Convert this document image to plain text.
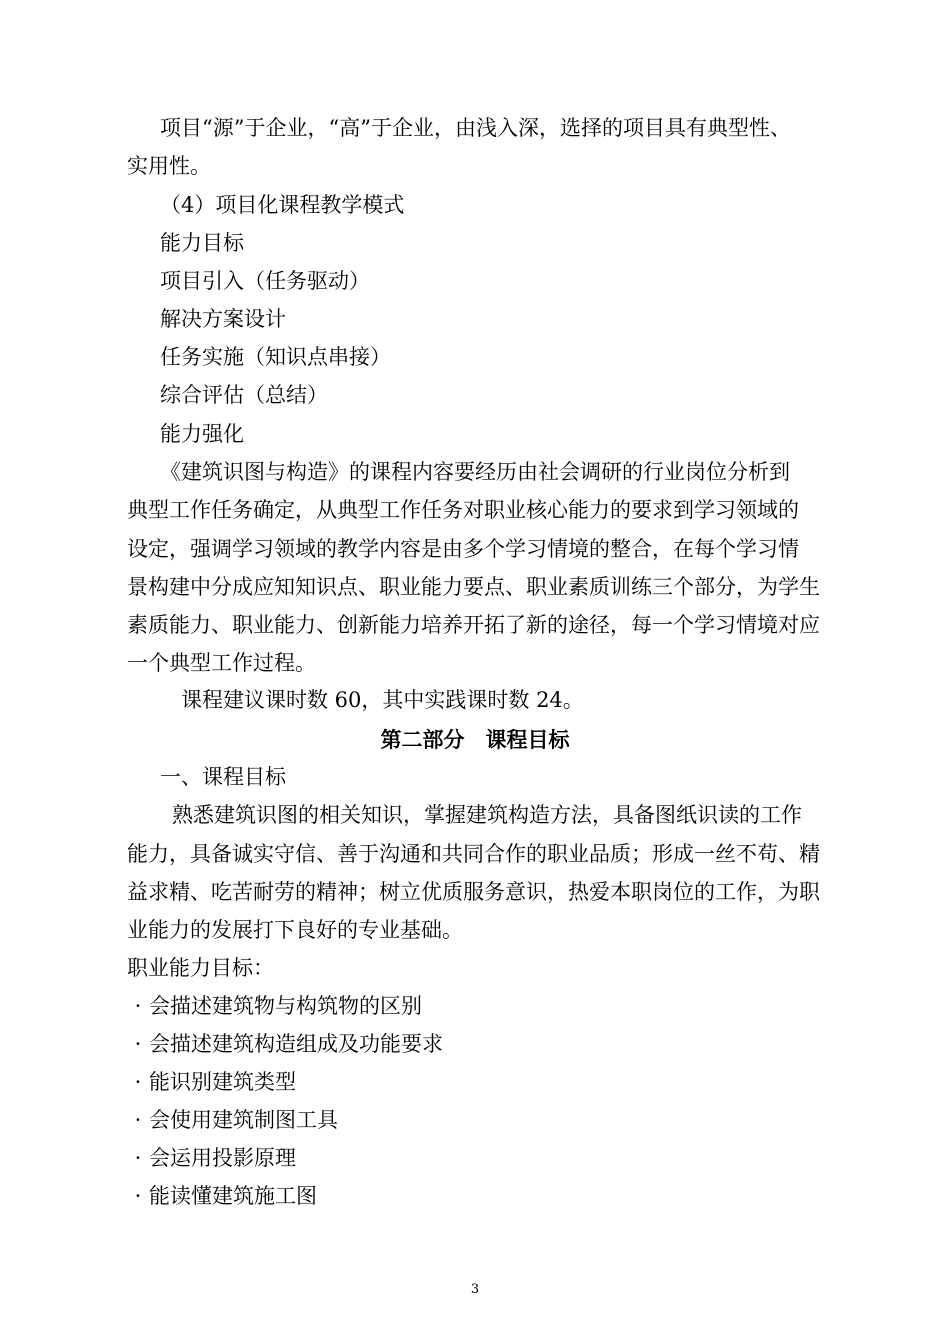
项目“源”于企业，“高”于企业，由浅入深，选择的项目具有典型性、
实用性。
（4）项目化课程教学模式
能力目标
项目引入（任务驱动）
解决方案设计
任务实施（知识点串接）
综合评估（总结）
能力强化
《建筑识图与构造》的课程内容要经历由社会调研的行业岗位分析到
典型工作任务确定，从典型工作任务对职业核心能力的要求到学习领域的
设定，强调学习领域的教学内容是由多个学习情境的整合，在每个学习情
景构建中分成应知知识点、职业能力要点、职业素质训练三个部分，为学生
素质能力、职业能力、创新能力培养开拓了新的途径，每一个学习情境对应
一个典型工作过程。
课程建议课时数 60，其中实践课时数 24。
第二部分　课程目标
一、课程目标
熟悉建筑识图的相关知识，掌握建筑构造方法，具备图纸识读的工作
能力，具备诚实守信、善于沟通和共同合作的职业品质；形成一丝不苟、精
益求精、吃苦耐劳的精神；树立优质服务意识，热爱本职岗位的工作，为职
业能力的发展打下良好的专业基础。
职业能力目标：
· 会描述建筑物与构筑物的区别
· 会描述建筑构造组成及功能要求
· 能识别建筑类型
· 会使用建筑制图工具
· 会运用投影原理
· 能读懂建筑施工图
3
